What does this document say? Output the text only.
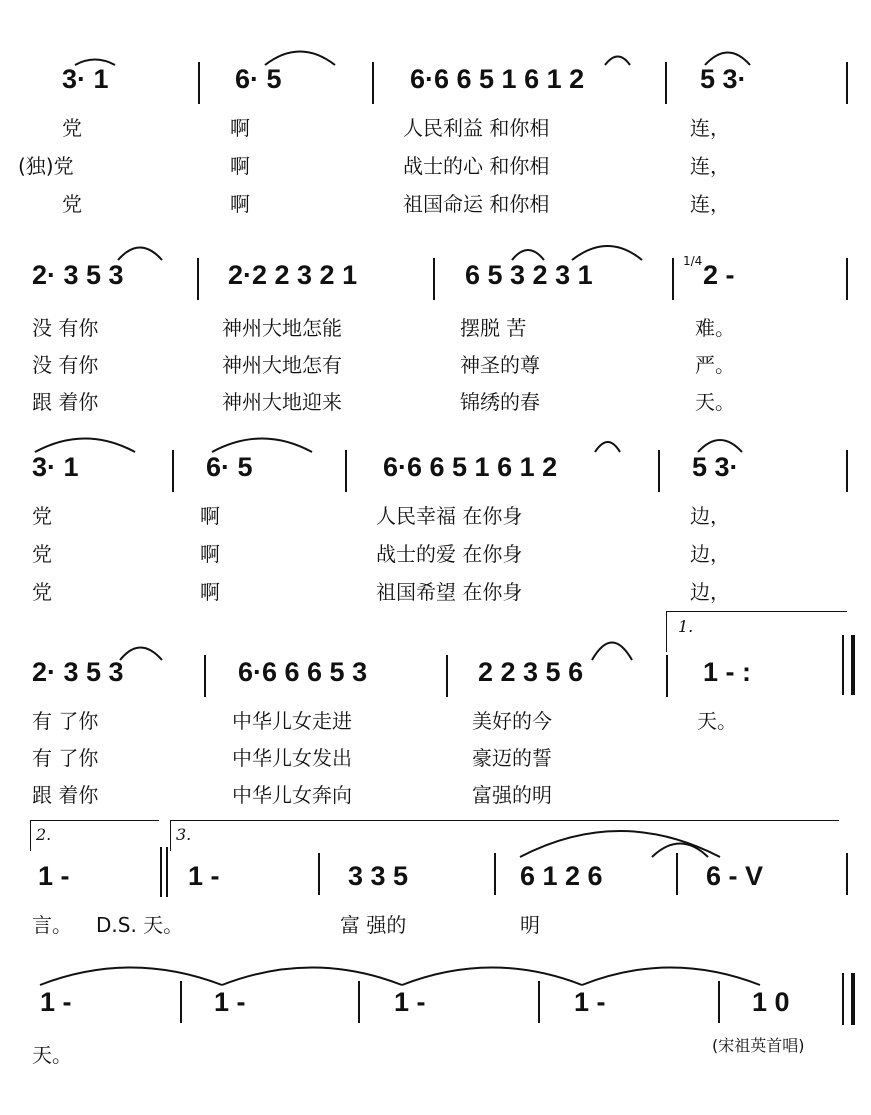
3· 1	6· 5	6·6 6 5 1 6 1 2	5 3·
党	啊	人民利益 和你相	连，
(独)党	啊	战士的心 和你相	连，
党	啊	祖国命运 和你相	连，
2· 3 5 3	2·2 2 3 2 1	6 5 3 2 3 1	1/4 2 -
没 有你	神州大地怎能	摆脱 苦	难。
没 有你	神州大地怎有	神圣的尊	严。
跟 着你	神州大地迎来	锦绣的春	天。
3· 1	6· 5	6·6 6 5 1 6 1 2	5 3·
党	啊	人民幸福 在你身	边，
党	啊	战士的爱 在你身	边，
党	啊	祖国希望 在你身	边，
1.
2· 3 5 3	6·6 6 6 5 3	2 2 3 5 6	1 - :
有 了你	中华儿女走进	美好的今	天。
有 了你	中华儿女发出	豪迈的誓
跟 着你	中华儿女奔向	富强的明
2.	3.
1 -	1 -	3 3 5	6 1 2 6	6 - V
言。 D.S. 天。	富 强的	明
1 -	1 -	1 -	1 -	1 0
天。	(宋祖英首唱)
